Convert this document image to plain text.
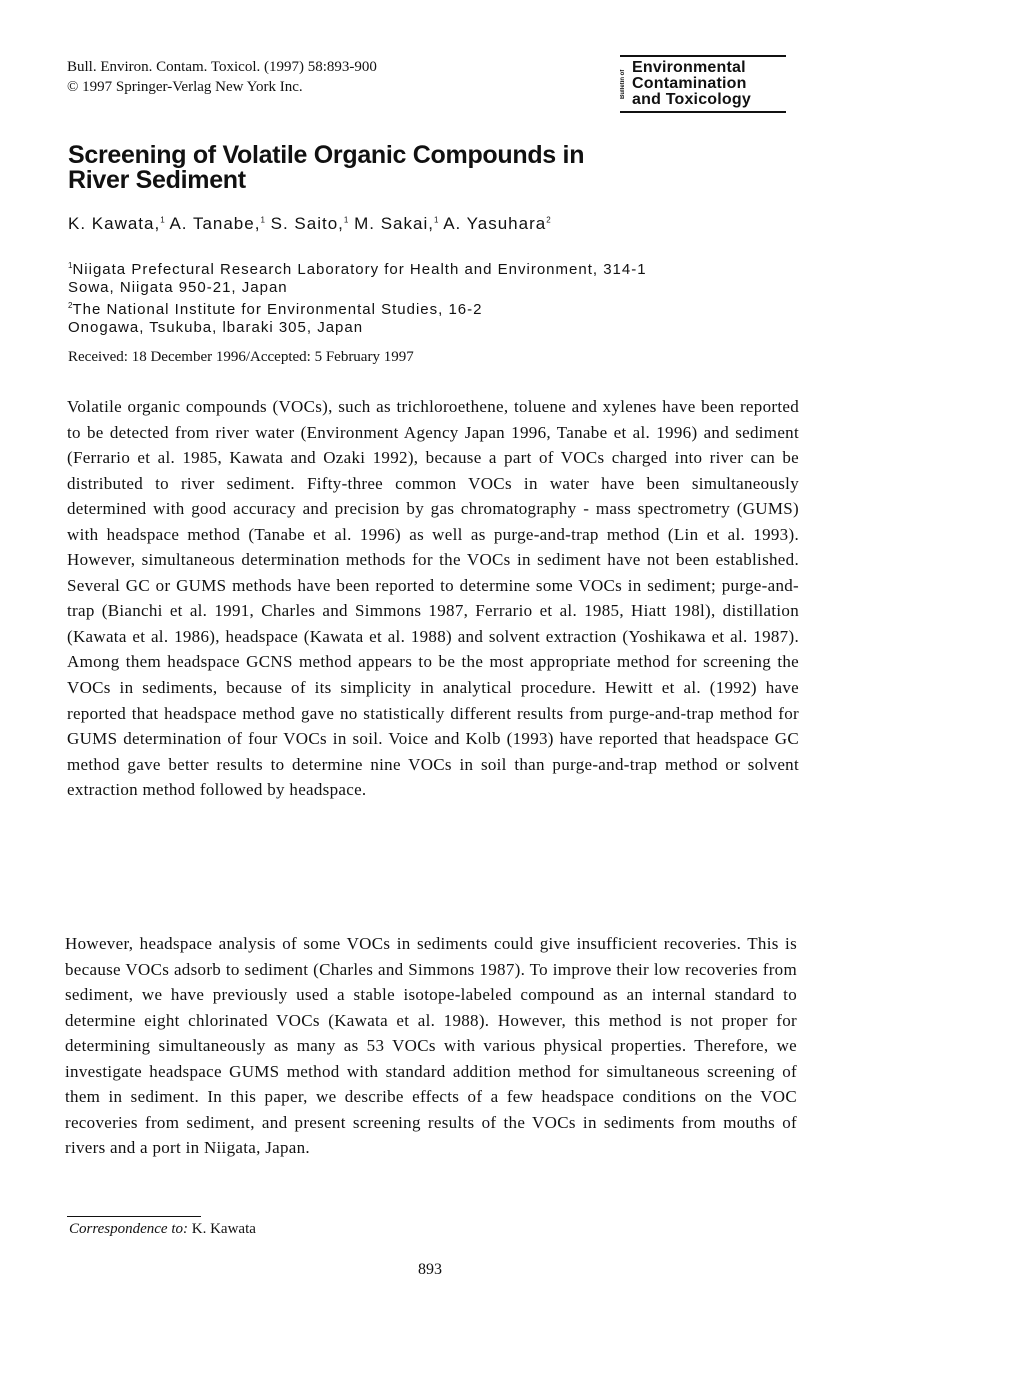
Bull. Environ. Contam. Toxicol. (1997) 58:893-900
© 1997 Springer-Verlag New York Inc.	Bulletin of
Environmental
Contamination
and Toxicology
Screening of Volatile Organic Compounds in
River Sediment
K. Kawata,$^1$ A. Tanabe,$^1$ S. Saito,$^1$ M. Sakai,$^1$ A. Yasuhara$^2$
$^1$Niigata Prefectural Research Laboratory for Health and Environment, 314-1
Sowa, Niigata 950-21, Japan
$^2$The National Institute for Environmental Studies, 16-2
Onogawa, Tsukuba, lbaraki 305, Japan
Received: 18 December 1996/Accepted: 5 February 1997

Volatile organic compounds (VOCs), such as trichloroethene, toluene and xylenes have been reported to be detected from river water (Environment Agency Japan 1996, Tanabe et al. 1996) and sediment (Ferrario et al. 1985, Kawata and Ozaki 1992), because a part of VOCs charged into river can be distributed to river sediment. Fifty-three common VOCs in water have been simultaneously determined with good accuracy and precision by gas chromatography - mass spectrometry (GUMS) with headspace method (Tanabe et al. 1996) as well as purge-and-trap method (Lin et al. 1993). However, simultaneous determination methods for the VOCs in sediment have not been established. Several GC or GUMS methods have been reported to determine some VOCs in sediment; purge-and-trap (Bianchi et al. 1991, Charles and Simmons 1987, Ferrario et al. 1985, Hiatt 198l), distillation (Kawata et al. 1986), headspace (Kawata et al. 1988) and solvent extraction (Yoshikawa et al. 1987). Among them headspace GCNS method appears to be the most appropriate method for screening the VOCs in sediments, because of its simplicity in analytical procedure. Hewitt et al. (1992) have reported that headspace method gave no statistically different results from purge-and-trap method for GUMS determination of four VOCs in soil. Voice and Kolb (1993) have reported that headspace GC method gave better results to determine nine VOCs in soil than purge-and-trap method or solvent extraction method followed by headspace.

However, headspace analysis of some VOCs in sediments could give insufficient recoveries. This is because VOCs adsorb to sediment (Charles and Simmons 1987). To improve their low recoveries from sediment, we have previously used a stable isotope-labeled compound as an internal standard to determine eight chlorinated VOCs (Kawata et al. 1988). However, this method is not proper for determining simultaneously as many as 53 VOCs with various physical properties. Therefore, we investigate headspace GUMS method with standard addition method for simultaneous screening of them in sediment. In this paper, we describe effects of a few headspace conditions on the VOC recoveries from sediment, and present screening results of the VOCs in sediments from mouths of rivers and a port in Niigata, Japan.

Correspondence to: K. Kawata
893
